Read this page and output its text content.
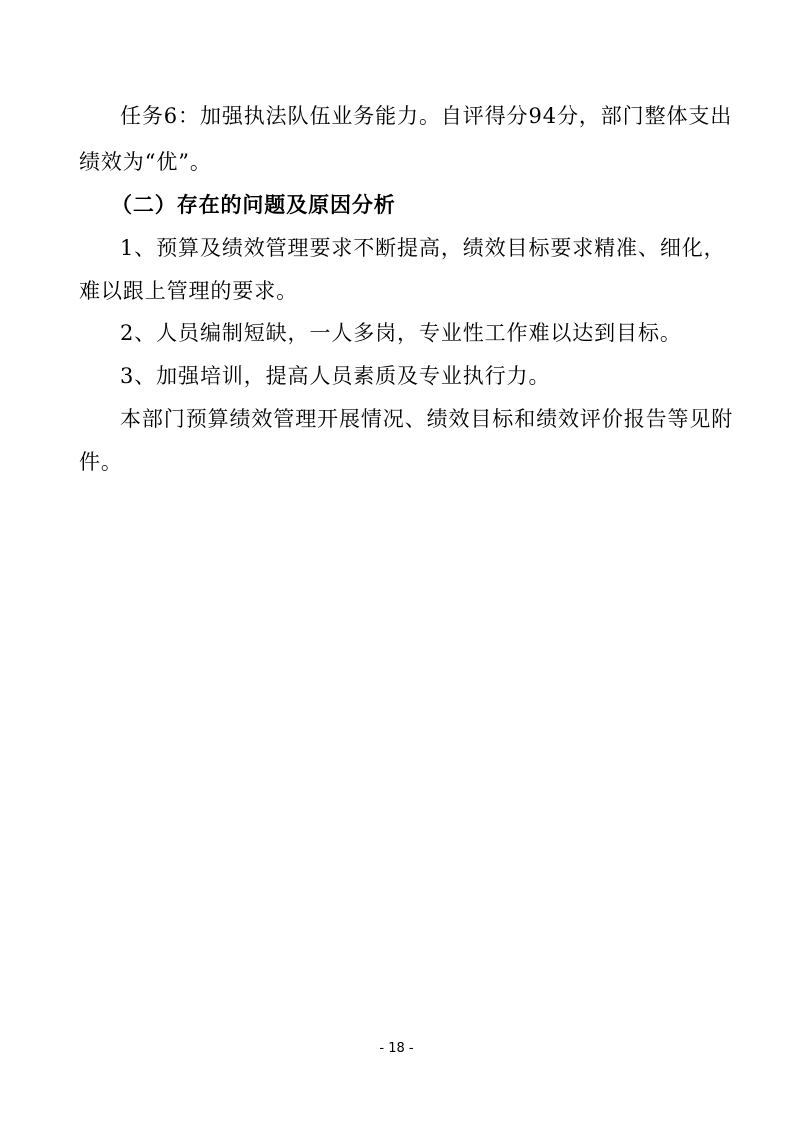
任务6：加强执法队伍业务能力。自评得分94分，部门整体支出
绩效为“优”。
（二）存在的问题及原因分析
1、预算及绩效管理要求不断提高，绩效目标要求精准、细化，
难以跟上管理的要求。
2、人员编制短缺，一人多岗，专业性工作难以达到目标。
3、加强培训，提高人员素质及专业执行力。
本部门预算绩效管理开展情况、绩效目标和绩效评价报告等见附
件。
- 18 -
